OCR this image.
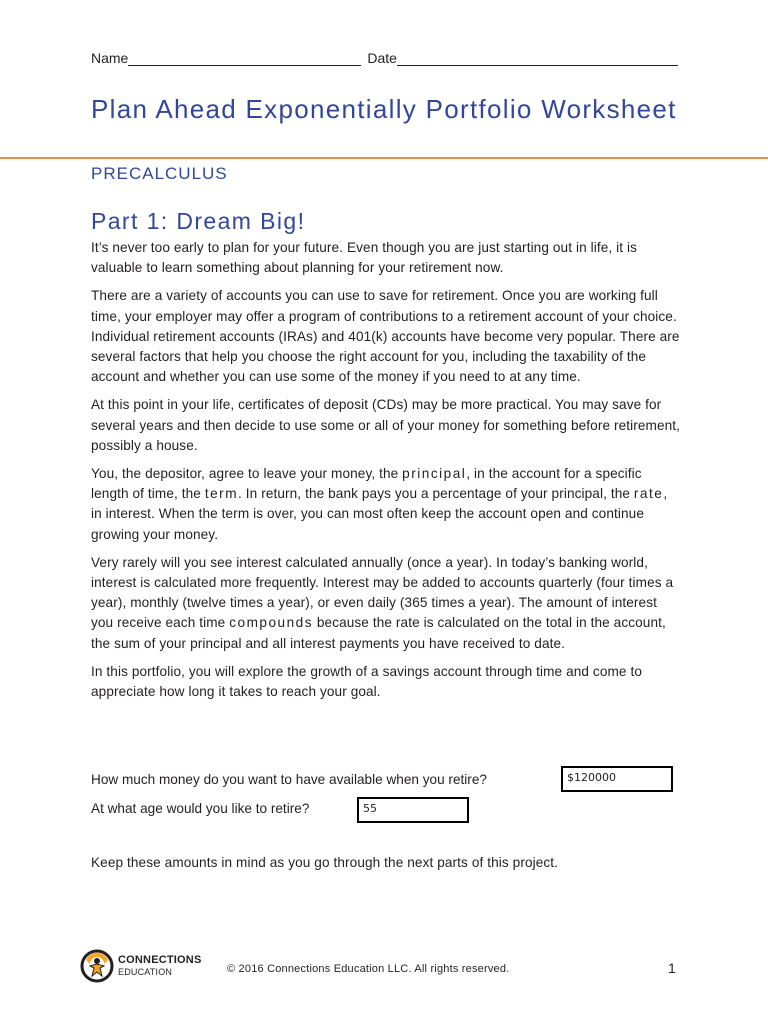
Name	Date
Plan Ahead Exponentially Portfolio Worksheet
PRECALCULUS
Part 1: Dream Big!

It’s never too early to plan for your future. Even though you are just starting out in life, it is valuable to learn something about planning for your retirement now.

There are a variety of accounts you can use to save for retirement. Once you are working full time, your employer may offer a program of contributions to a retirement account of your choice. Individual retirement accounts (IRAs) and 401(k) accounts have become very popular. There are several factors that help you choose the right account for you, including the taxability of the account and whether you can use some of the money if you need to at any time.

At this point in your life, certificates of deposit (CDs) may be more practical. You may save for several years and then decide to use some or all of your money for something before retirement, possibly a house.

You, the depositor, agree to leave your money, the principal, in the account for a specific length of time, the term. In return, the bank pays you a percentage of your principal, the rate, in interest. When the term is over, you can most often keep the account open and continue growing your money.

Very rarely will you see interest calculated annually (once a year). In today’s banking world, interest is calculated more frequently. Interest may be added to accounts quarterly (four times a year), monthly (twelve times a year), or even daily (365 times a year). The amount of interest you receive each time compounds because the rate is calculated on the total in the account, the sum of your principal and all interest payments you have received to date.

In this portfolio, you will explore the growth of a savings account through time and come to appreciate how long it takes to reach your goal.

How much money do you want to have available when you retire?	$120000
At what age would you like to retire?	55
Keep these amounts in mind as you go through the next parts of this project.
CONNECTIONS
EDUCATION	© 2016 Connections Education LLC. All rights reserved.	1
